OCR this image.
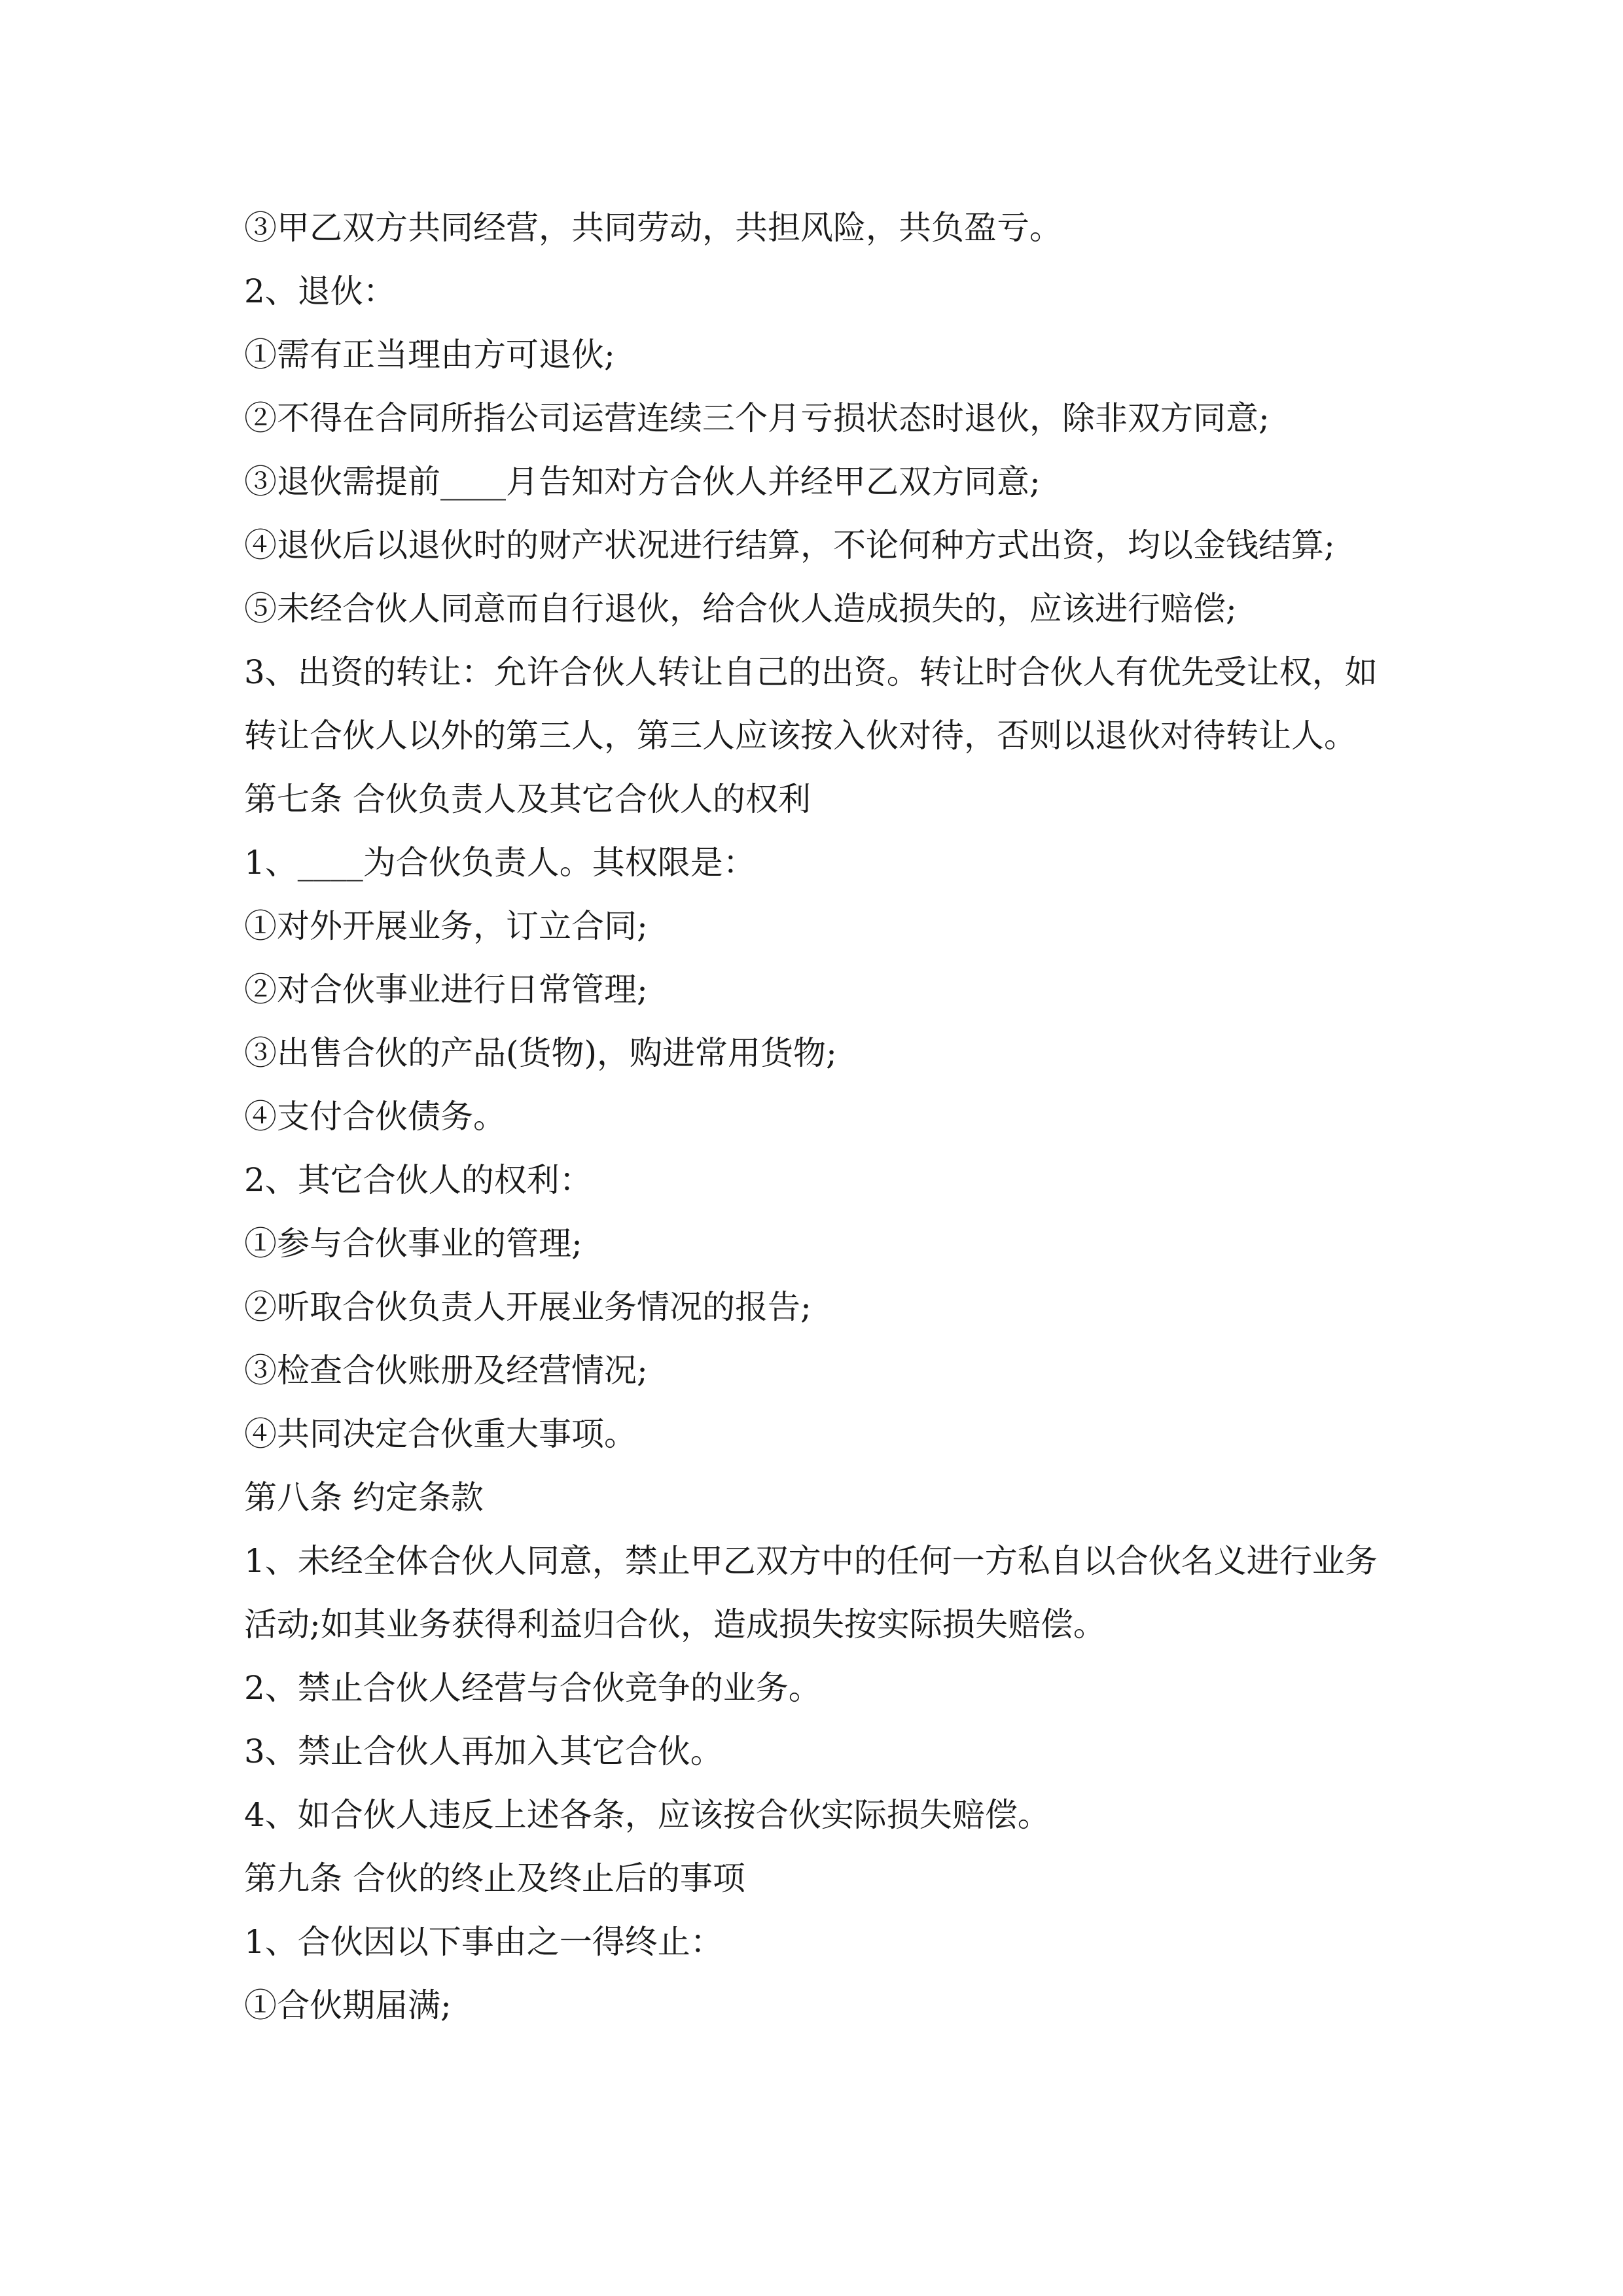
③甲乙双方共同经营，共同劳动，共担风险，共负盈亏。

2、退伙：

①需有正当理由方可退伙;

②不得在合同所指公司运营连续三个月亏损状态时退伙，除非双方同意;

③退伙需提前____月告知对方合伙人并经甲乙双方同意;

④退伙后以退伙时的财产状况进行结算，不论何种方式出资，均以金钱结算;

⑤未经合伙人同意而自行退伙，给合伙人造成损失的，应该进行赔偿;

3、出资的转让：允许合伙人转让自己的出资。转让时合伙人有优先受让权，如

转让合伙人以外的第三人，第三人应该按入伙对待，否则以退伙对待转让人。

第七条 合伙负责人及其它合伙人的权利

1、____为合伙负责人。其权限是：

①对外开展业务，订立合同;

②对合伙事业进行日常管理;

③出售合伙的产品(货物)，购进常用货物;

④支付合伙债务。

2、其它合伙人的权利：

①参与合伙事业的管理;

②听取合伙负责人开展业务情况的报告;

③检查合伙账册及经营情况;

④共同决定合伙重大事项。

第八条 约定条款

1、未经全体合伙人同意，禁止甲乙双方中的任何一方私自以合伙名义进行业务

活动;如其业务获得利益归合伙，造成损失按实际损失赔偿。

2、禁止合伙人经营与合伙竞争的业务。

3、禁止合伙人再加入其它合伙。

4、如合伙人违反上述各条，应该按合伙实际损失赔偿。

第九条 合伙的终止及终止后的事项

1、合伙因以下事由之一得终止：

①合伙期届满;
